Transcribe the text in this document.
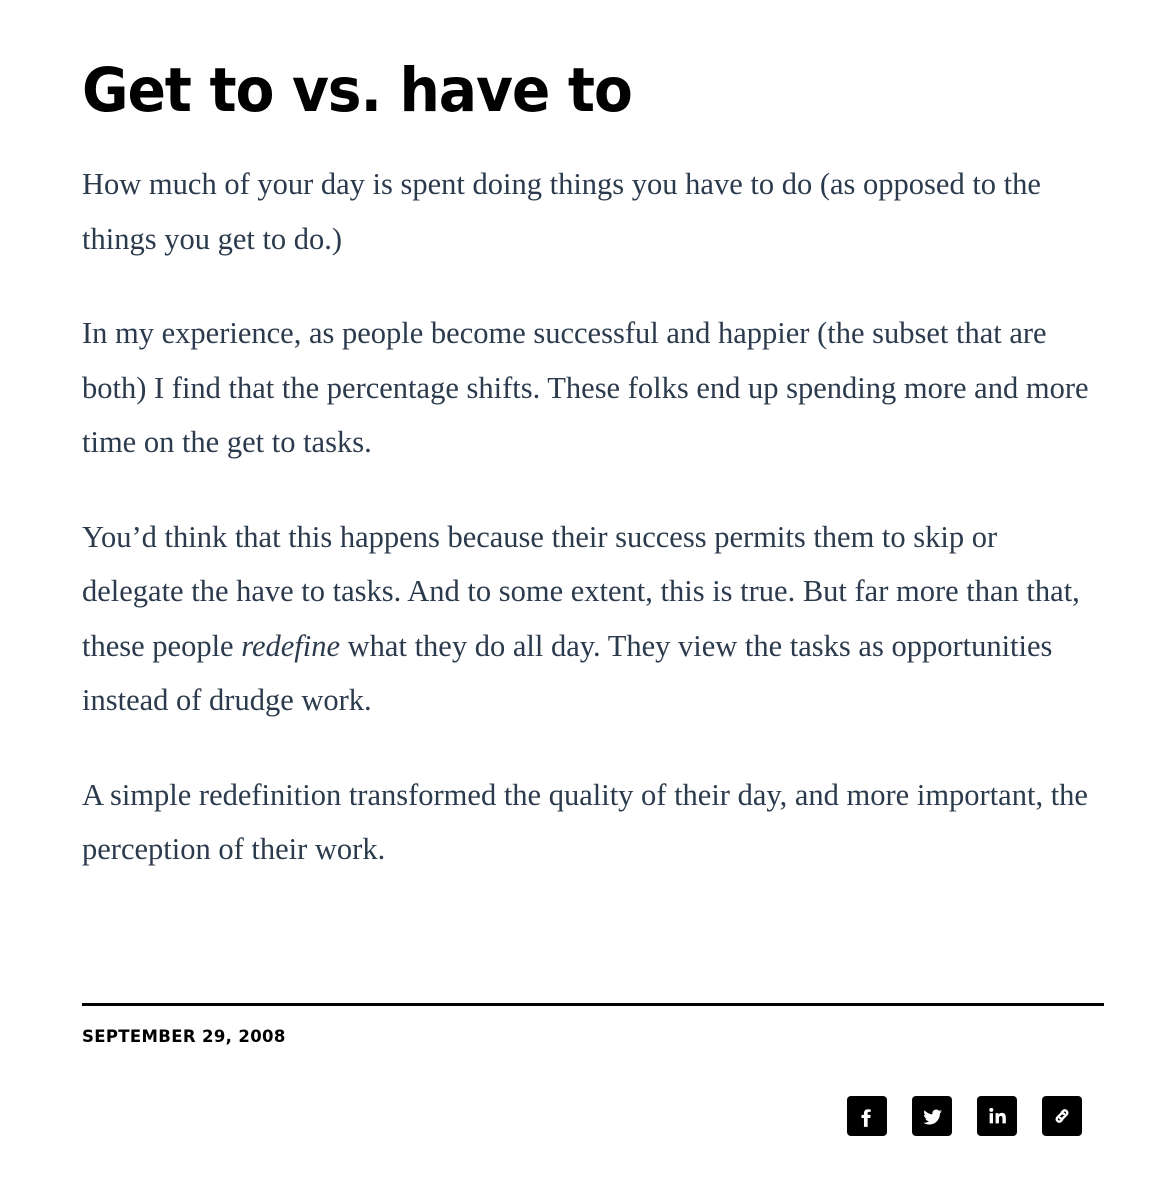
Get to vs. have to

How much of your day is spent doing things you have to do (as opposed to the things you get to do.)

In my experience, as people become successful and happier (the subset that are both) I find that the percentage shifts. These folks end up spending more and more time on the get to tasks.

You’d think that this happens because their success permits them to skip or delegate the have to tasks. And to some extent, this is true. But far more than that, these people redefine what they do all day. They view the tasks as opportunities instead of drudge work.

A simple redefinition transformed the quality of their day, and more important, the perception of their work.

SEPTEMBER 29, 2008
